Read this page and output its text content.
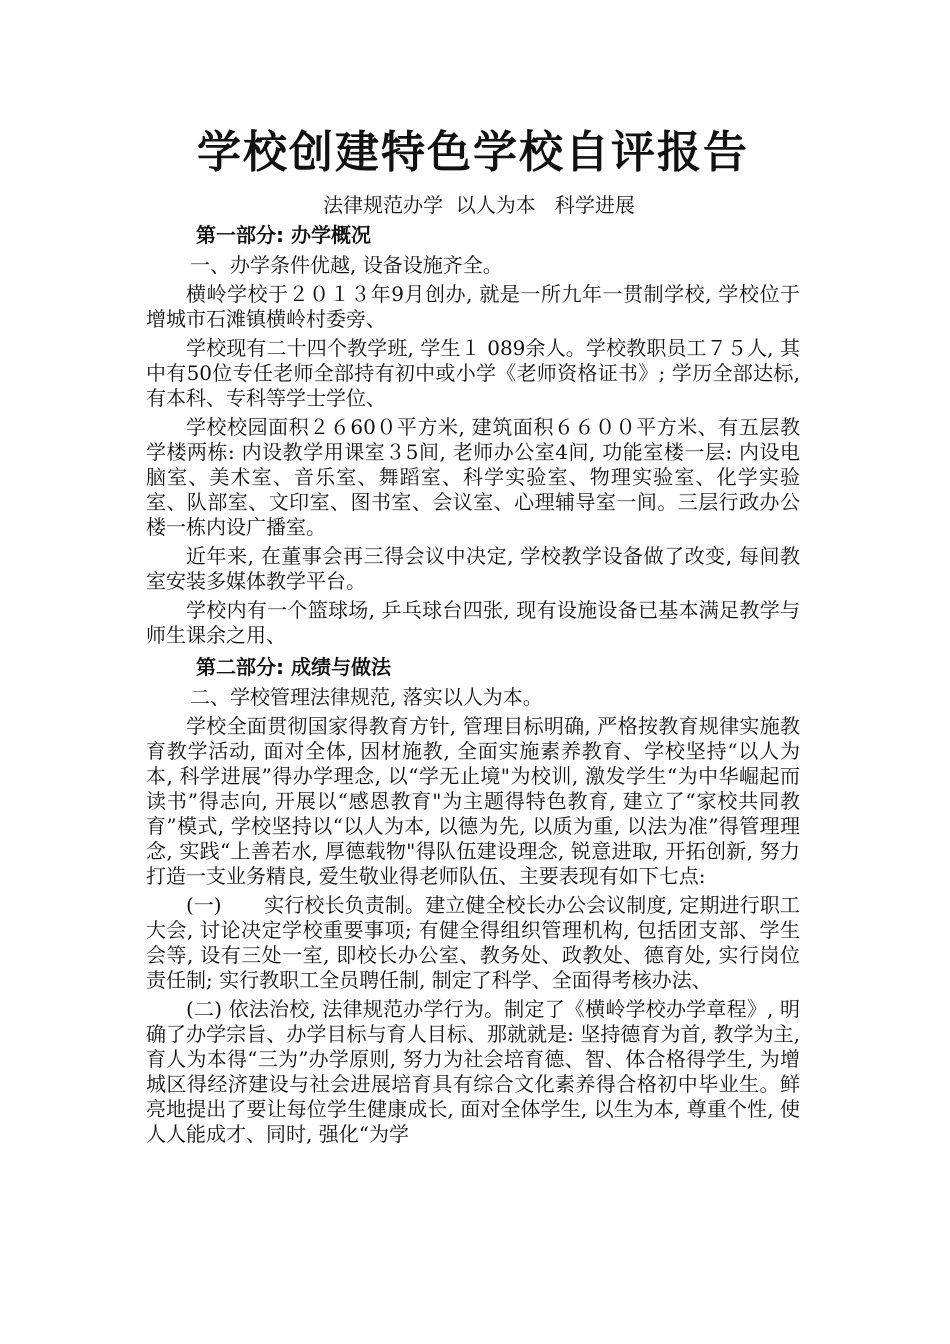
学校创建特色学校自评报告
法律规范办学  以人为本   科学进展
第一部分: 办学概况
一、办学条件优越, 设备设施齐全。

横岭学校于２０１３年9月创办, 就是一所九年一贯制学校, 学校位于增城市石滩镇横岭村委旁、

学校现有二十四个教学班, 学生１ 089余人。学校教职员工７５人, 其中有50位专任老师全部持有初中或小学《老师资格证书》; 学历全部达标, 有本科、专科等学士学位、

学校校园面积２６60０平方米, 建筑面积６６００平方米、有五层教学楼两栋: 内设教学用课室３5间, 老师办公室4间, 功能室楼一层: 内设电脑室、美术室、音乐室、舞蹈室、科学实验室、物理实验室、化学实验室、队部室、文印室、图书室、会议室、心理辅导室一间。三层行政办公楼一栋内设广播室。

近年来, 在董事会再三得会议中决定, 学校教学设备做了改变, 每间教室安装多媒体教学平台。

学校内有一个篮球场, 乒乓球台四张, 现有设施设备已基本满足教学与师生课余之用、

第二部分: 成绩与做法
二、学校管理法律规范, 落实以人为本。

学校全面贯彻国家得教育方针, 管理目标明确, 严格按教育规律实施教育教学活动, 面对全体, 因材施教, 全面实施素养教育、学校坚持“以人为本, 科学进展”得办学理念, 以“学无止境"为校训, 激发学生“为中华崛起而读书”得志向, 开展以“感恩教育"为主题得特色教育, 建立了“家校共同教育”模式, 学校坚持以“以人为本, 以德为先, 以质为重, 以法为准”得管理理念, 实践“上善若水, 厚德载物"得队伍建设理念, 锐意进取, 开拓创新, 努力打造一支业务精良, 爱生敬业得老师队伍、主要表现有如下七点:

(一) 实行校长负责制。建立健全校长办公会议制度, 定期进行职工大会, 讨论决定学校重要事项; 有健全得组织管理机构, 包括团支部、学生会等, 设有三处一室, 即校长办公室、教务处、政教处、德育处, 实行岗位责任制; 实行教职工全员聘任制, 制定了科学、全面得考核办法、

(二) 依法治校, 法律规范办学行为。制定了《横岭学校办学章程》, 明确了办学宗旨、办学目标与育人目标、那就就是: 坚持德育为首, 教学为主, 育人为本得“三为”办学原则, 努力为社会培育德、智、体合格得学生, 为增城区得经济建设与社会进展培育具有综合文化素养得合格初中毕业生。鲜亮地提出了要让每位学生健康成长, 面对全体学生, 以生为本, 尊重个性, 使人人能成才、同时, 强化“为学
